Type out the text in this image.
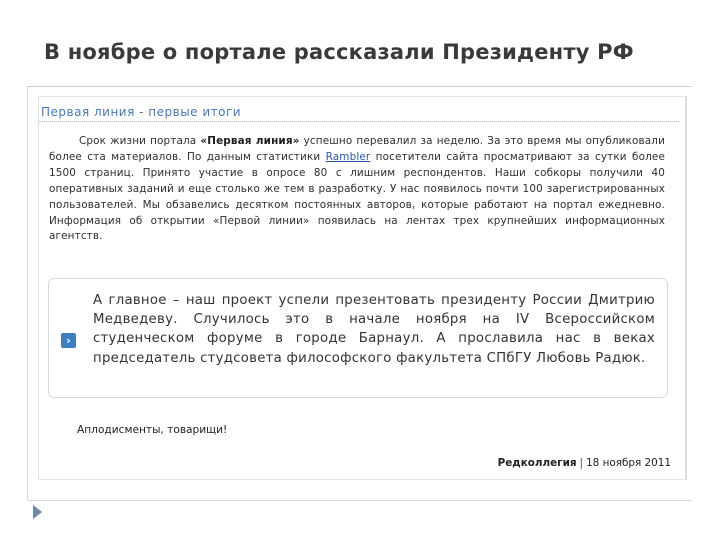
В ноябре о портале рассказали Президенту РФ
Первая линия - первые итоги
Срок жизни портала «Первая линия» успешно перевалил за неделю. За это время мы опубликовали более ста материалов. По данным статистики Rambler посетители сайта просматривают за сутки более 1500 страниц. Принято участие в опросе 80 с лишним респондентов. Наши собкоры получили 40 оперативных заданий и еще столько же тем в разработку. У нас появилось почти 100 зарегистрированных пользователей. Мы обзавелись десятком постоянных авторов, которые работают на портал ежедневно. Информация об открытии «Первой линии» появилась на лентах трех крупнейших информационных агентств.
›
А главное – наш проект успели презентовать президенту России Дмитрию Медведеву. Случилось это в начале ноября на IV Всероссийском студенческом форуме в городе Барнаул. А прославила нас в веках председатель студсовета философского факультета СПбГУ Любовь Радюк.
Аплодисменты, товарищи!
Редколлегия | 18 ноября 2011
